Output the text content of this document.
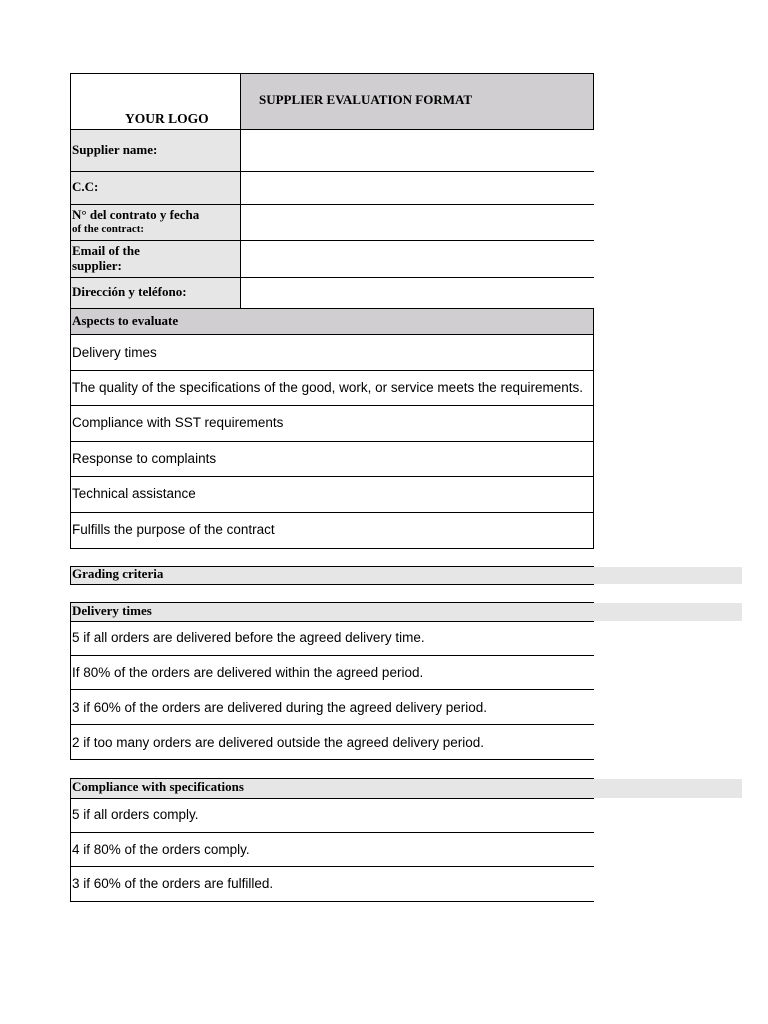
YOUR LOGO
SUPPLIER EVALUATION FORMAT
Supplier name:
C.C:
N° del contrato y fecha
of the contract:
Email of the
supplier:
Dirección y teléfono:
Aspects to evaluate
Delivery times
The quality of the specifications of the good, work, or service meets the requirements.
Compliance with SST requirements
Response to complaints
Technical assistance
Fulfills the purpose of the contract
Grading criteria
Delivery times
5 if all orders are delivered before the agreed delivery time.
If 80% of the orders are delivered within the agreed period.
3 if 60% of the orders are delivered during the agreed delivery period.
2 if too many orders are delivered outside the agreed delivery period.
Compliance with specifications
5 if all orders comply.
4 if 80% of the orders comply.
3 if 60% of the orders are fulfilled.
